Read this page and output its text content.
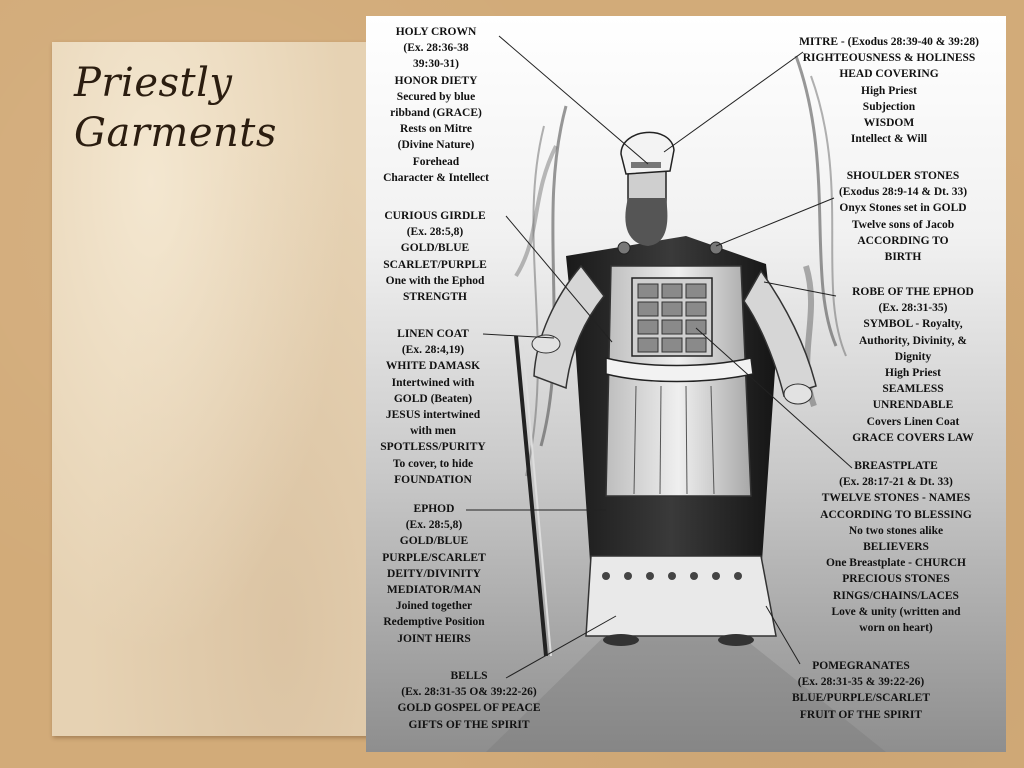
Priestly
Garments
HOLY CROWN
(Ex. 28:36-38
39:30-31)
HONOR DIETY
Secured by blue
ribband (GRACE)
Rests on Mitre
(Divine Nature)
Forehead
Character & Intellect
CURIOUS GIRDLE
(Ex. 28:5,8)
GOLD/BLUE
SCARLET/PURPLE
One with the Ephod
STRENGTH
LINEN COAT
(Ex. 28:4,19)
WHITE DAMASK
Intertwined with
GOLD (Beaten)
JESUS intertwined
with men
SPOTLESS/PURITY
To cover, to hide
FOUNDATION
EPHOD
(Ex. 28:5,8)
GOLD/BLUE
PURPLE/SCARLET
DEITY/DIVINITY
MEDIATOR/MAN
Joined together
Redemptive Position
JOINT HEIRS
BELLS
(Ex. 28:31-35 O& 39:22-26)
GOLD GOSPEL OF PEACE
GIFTS OF THE SPIRIT
MITRE - (Exodus 28:39-40 & 39:28)
RIGHTEOUSNESS & HOLINESS
HEAD COVERING
High Priest
Subjection
WISDOM
Intellect & Will
SHOULDER STONES
(Exodus 28:9-14 & Dt. 33)
Onyx Stones set in GOLD
Twelve sons of Jacob
ACCORDING TO
BIRTH
ROBE OF THE EPHOD
(Ex. 28:31-35)
SYMBOL - Royalty,
Authority, Divinity, &
Dignity
High Priest
SEAMLESS
UNRENDABLE
Covers Linen Coat
GRACE COVERS LAW
BREASTPLATE
(Ex. 28:17-21 & Dt. 33)
TWELVE STONES - NAMES
ACCORDING TO BLESSING
No two stones alike
BELIEVERS
One Breastplate - CHURCH
PRECIOUS STONES
RINGS/CHAINS/LACES
Love & unity (written and
worn on heart)
POMEGRANATES
(Ex. 28:31-35 & 39:22-26)
BLUE/PURPLE/SCARLET
FRUIT OF THE SPIRIT
